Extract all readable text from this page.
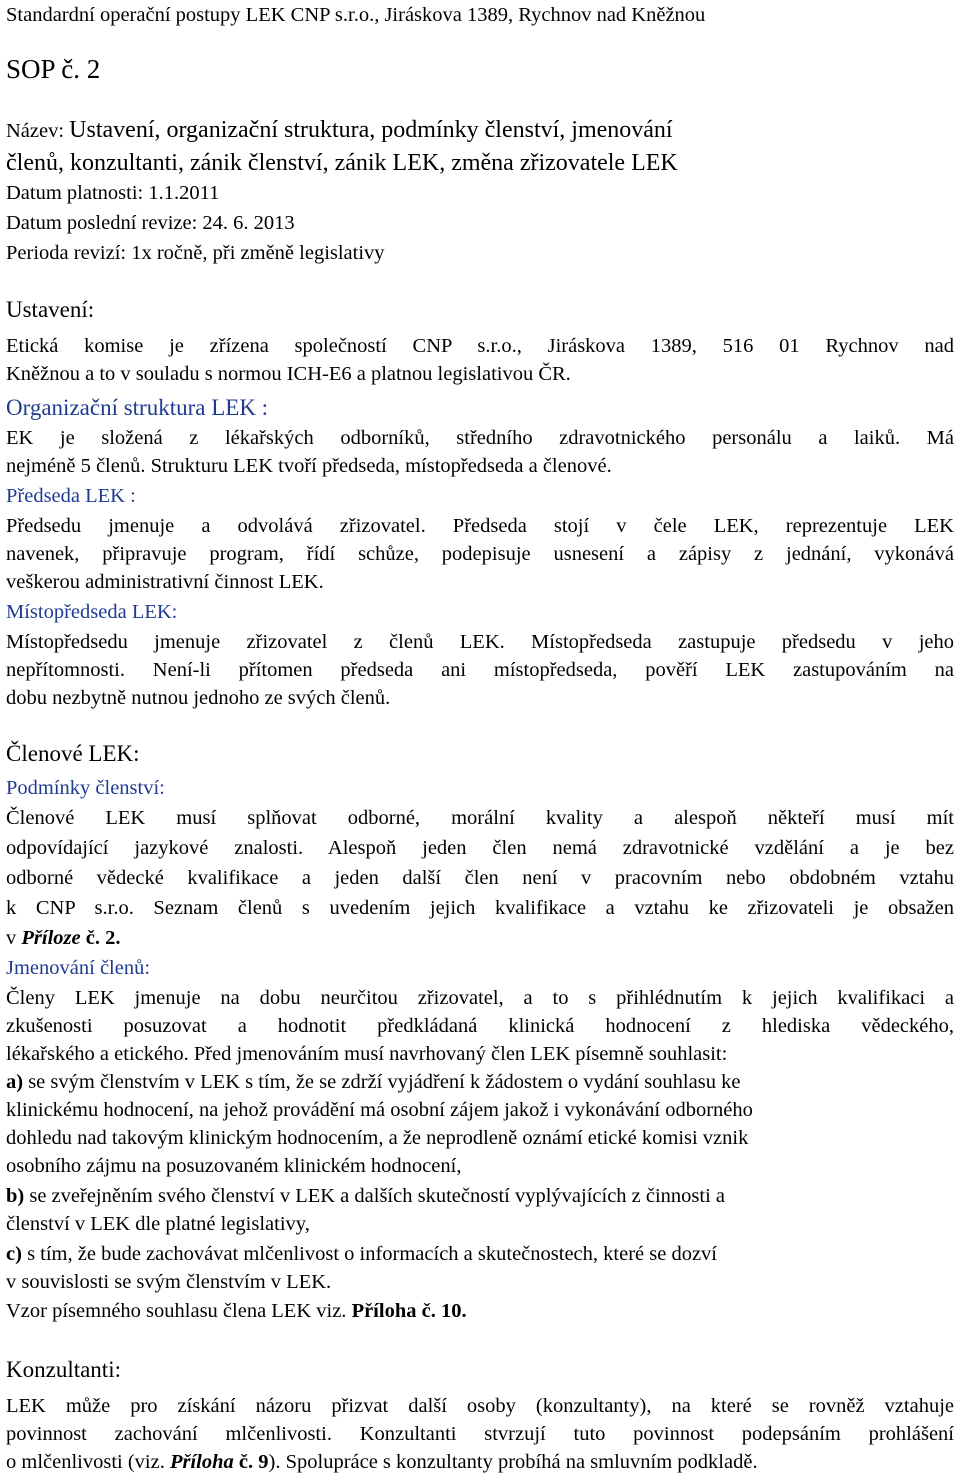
Standardní operační postupy LEK CNP s.r.o., Jiráskova 1389, Rychnov nad Kněžnou
SOP č. 2
Název: Ustavení, organizační struktura, podmínky členství, jmenování
členů, konzultanti, zánik členství, zánik LEK, změna zřizovatele LEK
Datum platnosti: 1.1.2011
Datum poslední revize: 24. 6. 2013
Perioda revizí: 1x ročně, při změně legislativy
Ustavení:
Etická komise je zřízena společností CNP s.r.o., Jiráskova 1389, 516 01 Rychnov nad
Kněžnou a to v souladu s normou ICH-E6 a platnou legislativou ČR.
Organizační struktura LEK :
EK je složená z lékařských odborníků, středního zdravotnického personálu a laiků. Má
nejméně 5 členů. Strukturu LEK tvoří předseda, místopředseda a členové.
Předseda LEK :
Předsedu jmenuje a odvolává zřizovatel. Předseda stojí v čele LEK, reprezentuje LEK
navenek, připravuje program, řídí schůze, podepisuje usnesení a zápisy z jednání, vykonává
veškerou administrativní činnost LEK.
Místopředseda LEK:
Místopředsedu jmenuje zřizovatel z členů LEK. Místopředseda zastupuje předsedu v jeho
nepřítomnosti. Není-li přítomen předseda ani místopředseda, pověří LEK zastupováním na
dobu nezbytně nutnou jednoho ze svých členů.
Členové LEK:
Podmínky členství:
Členové LEK musí splňovat odborné, morální kvality a alespoň někteří musí mít
odpovídající jazykové znalosti. Alespoň jeden člen nemá zdravotnické vzdělání a je bez
odborné vědecké kvalifikace a jeden další člen není v pracovním nebo obdobném vztahu
k CNP s.r.o. Seznam členů s uvedením jejich kvalifikace a vztahu ke zřizovateli je obsažen
v Příloze č. 2.
Jmenování členů:
Členy LEK jmenuje na dobu neurčitou zřizovatel, a to s přihlédnutím k jejich kvalifikaci a
zkušenosti posuzovat a hodnotit předkládaná klinická hodnocení z hlediska vědeckého,
lékařského a etického. Před jmenováním musí navrhovaný člen LEK písemně souhlasit:
a) se svým členstvím v LEK s tím, že se zdrží vyjádření k žádostem o vydání souhlasu ke
klinickému hodnocení, na jehož provádění má osobní zájem jakož i vykonávání odborného
dohledu nad takovým klinickým hodnocením, a že neprodleně oznámí etické komisi vznik
osobního zájmu na posuzovaném klinickém hodnocení,
b) se zveřejněním svého členství v LEK a dalších skutečností vyplývajících z činnosti a
členství v LEK dle platné legislativy,
c) s tím, že bude zachovávat mlčenlivost o informacích a skutečnostech, které se dozví
v souvislosti se svým členstvím v LEK.
Vzor písemného souhlasu člena LEK viz. Příloha č. 10.
Konzultanti:
LEK může pro získání názoru přizvat další osoby (konzultanty), na které se rovněž vztahuje
povinnost zachování mlčenlivosti. Konzultanti stvrzují tuto povinnost podepsáním prohlášení
o mlčenlivosti (viz. Příloha č. 9). Spolupráce s konzultanty probíhá na smluvním podkladě.
